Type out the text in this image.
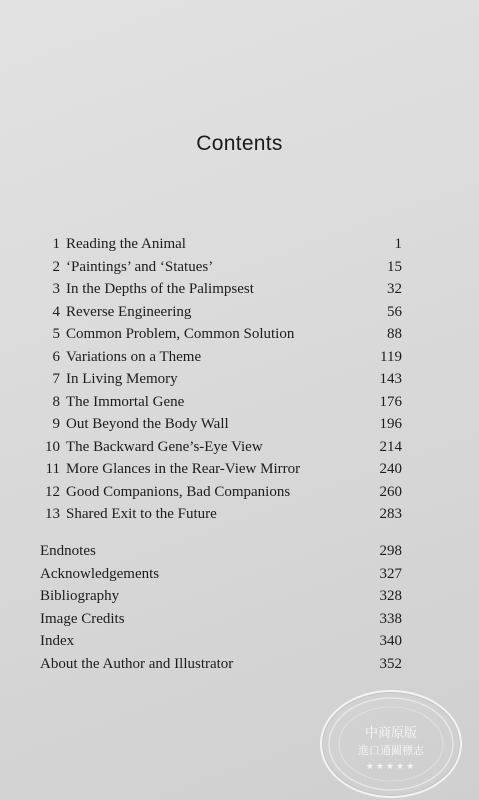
Contents
1 Reading the Animal	1
2 ‘Paintings’ and ‘Statues’	15
3 In the Depths of the Palimpsest	32
4 Reverse Engineering	56
5 Common Problem, Common Solution	88
6 Variations on a Theme	119
7 In Living Memory	143
8 The Immortal Gene	176
9 Out Beyond the Body Wall	196
10 The Backward Gene’s-Eye View	214
11 More Glances in the Rear-View Mirror	240
12 Good Companions, Bad Companions	260
13 Shared Exit to the Future	283
Endnotes	298
Acknowledgements	327
Bibliography	328
Image Credits	338
Index	340
About the Author and Illustrator	352
中商原版
進口通關標志
★★★★★
